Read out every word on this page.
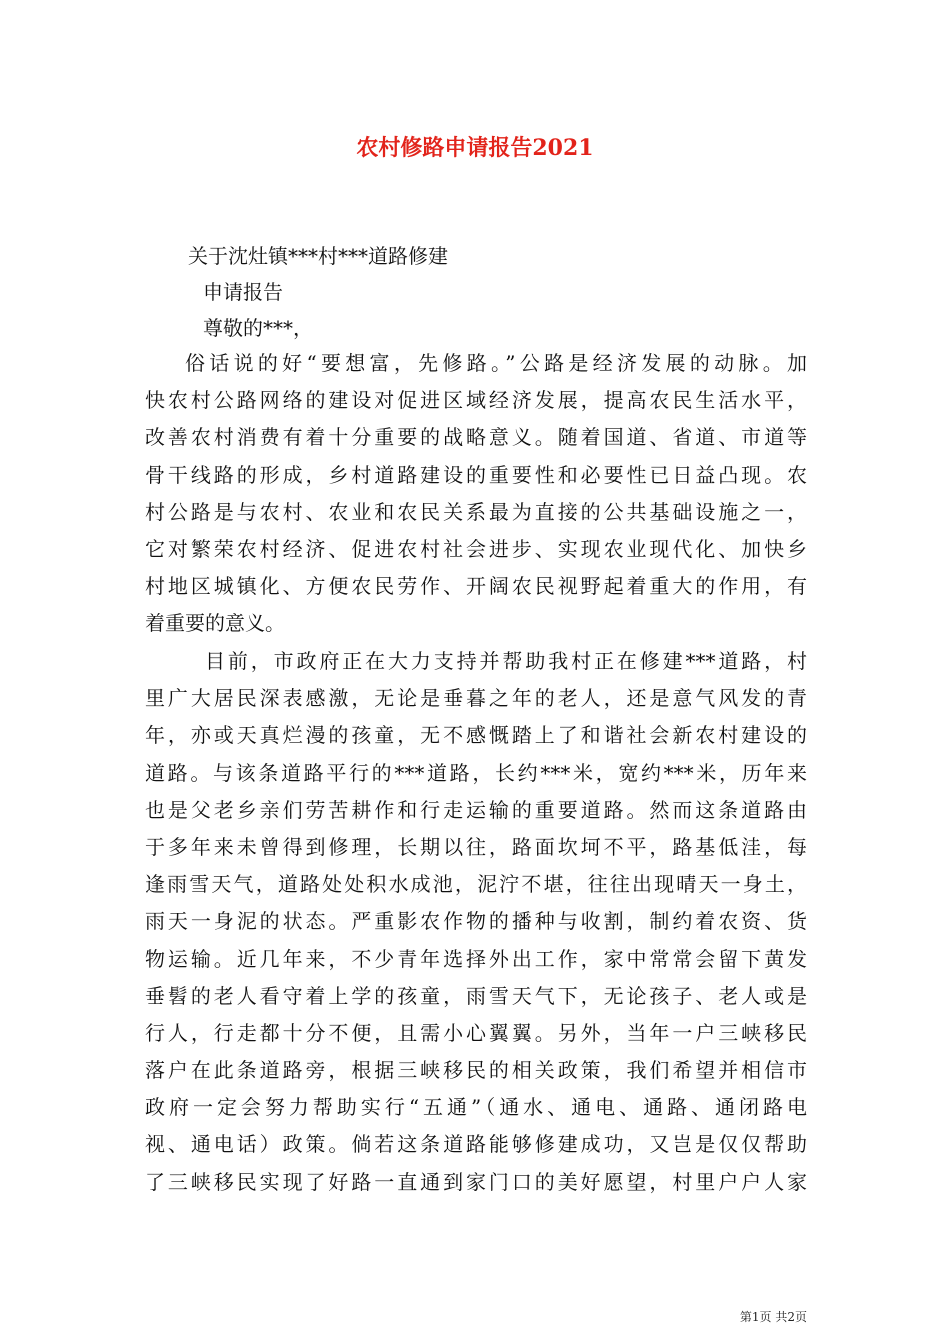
农村修路申请报告2021
关于沈灶镇***村***道路修建
申请报告
尊敬的***，
俗话说的好“要想富，先修路。”公路是经济发展的动脉。加
快农村公路网络的建设对促进区域经济发展，提高农民生活水平，
改善农村消费有着十分重要的战略意义。随着国道、省道、市道等
骨干线路的形成，乡村道路建设的重要性和必要性已日益凸现。农
村公路是与农村、农业和农民关系最为直接的公共基础设施之一，
它对繁荣农村经济、促进农村社会进步、实现农业现代化、加快乡
村地区城镇化、方便农民劳作、开阔农民视野起着重大的作用，有
着重要的意义。
目前，市政府正在大力支持并帮助我村正在修建***道路，村
里广大居民深表感激，无论是垂暮之年的老人，还是意气风发的青
年，亦或天真烂漫的孩童，无不感慨踏上了和谐社会新农村建设的
道路。与该条道路平行的***道路，长约***米，宽约***米，历年来
也是父老乡亲们劳苦耕作和行走运输的重要道路。然而这条道路由
于多年来未曾得到修理，长期以往，路面坎坷不平，路基低洼，每
逢雨雪天气，道路处处积水成池，泥泞不堪，往往出现晴天一身土，
雨天一身泥的状态。严重影农作物的播种与收割，制约着农资、货
物运输。近几年来，不少青年选择外出工作，家中常常会留下黄发
垂髫的老人看守着上学的孩童，雨雪天气下，无论孩子、老人或是
行人，行走都十分不便，且需小心翼翼。另外，当年一户三峡移民
落户在此条道路旁，根据三峡移民的相关政策，我们希望并相信市
政府一定会努力帮助实行“五通”（通水、通电、通路、通闭路电
视、通电话）政策。倘若这条道路能够修建成功，又岂是仅仅帮助
了三峡移民实现了好路一直通到家门口的美好愿望，村里户户人家
第1页 共2页
